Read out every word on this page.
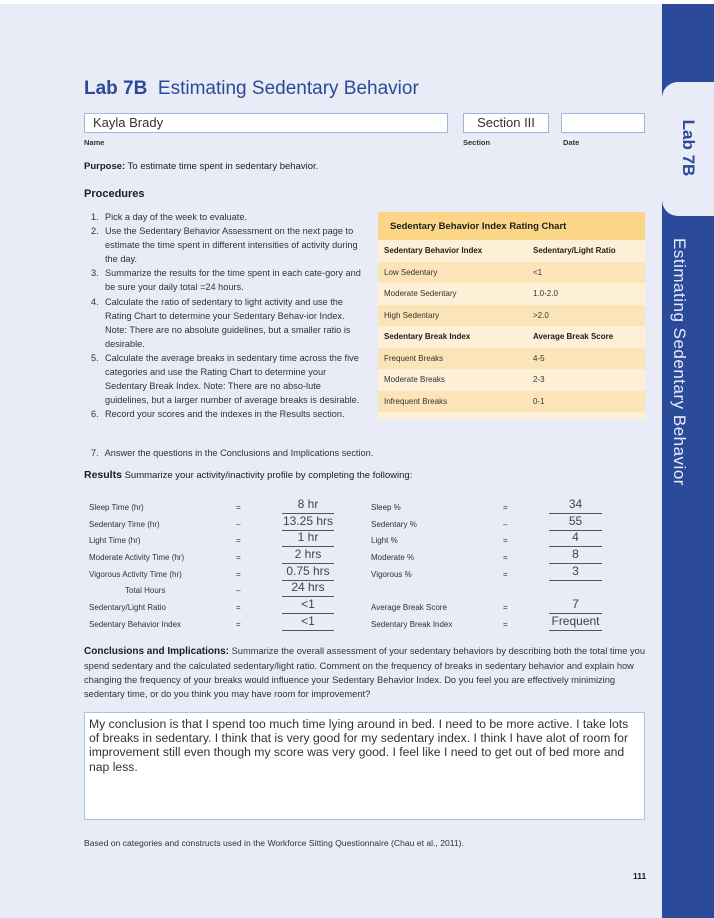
Lab 7B
Estimating Sedentary Behavior
Lab 7B Estimating Sedentary Behavior
Kayla Brady
Name
Section III
Section	Date
Purpose: To estimate time spent in sedentary behavior.
Procedures
1. Pick a day of the week to evaluate.
2. Use the Sedentary Behavior Assessment on the next page to estimate the time spent in different intensities of activity during the day.
3. Summarize the results for the time spent in each cate-gory and be sure your daily total =24 hours.
4. Calculate the ratio of sedentary to light activity and use the Rating Chart to determine your Sedentary Behav-ior Index. Note: There are no absolute guidelines, but a smaller ratio is desirable.
5. Calculate the average breaks in sedentary time across the five categories and use the Rating Chart to determine your Sedentary Break Index. Note: There are no abso-lute guidelines, but a larger number of average breaks is desirable.
6. Record your scores and the indexes in the Results section.
7. Answer the questions in the Conclusions and Implications section.
Sedentary Behavior Index Rating Chart
Sedentary Behavior Index	Sedentary/Light Ratio
Low Sedentary	<1
Moderate Sedentary	1.0-2.0
High Sedentary	>2.0
Sedentary Break Index	Average Break Score
Frequent Breaks	4-5
Moderate Breaks	2-3
Infrequent Breaks	0-1
Results Summarize your activity/inactivity profile by completing the following:
Sleep Time (hr)	=	8 hr	Sleep %	=	34
Sedentary Time (hr)	–	13.25 hrs	Sedentary %	–	55
Light Time (hr)	=	1 hr	Light %	=	4
Moderate Activity Time (hr)	=	2 hrs	Moderate %	=	8
Vigorous Activity Time (hr)	=	0.75 hrs	Vigorous %	=	3
Total Hours	–	24 hrs
Sedentary/Light Ratio	=	<1	Average Break Score	=	7
Sedentary Behavior Index	=	<1	Sedentary Break Index	=	Frequent
Conclusions and Implications: Summarize the overall assessment of your sedentary behaviors by describing both the total time you spend sedentary and the calculated sedentary/light ratio. Comment on the frequency of breaks in sedentary behavior and explain how changing the frequency of your breaks would influence your Sedentary Behavior Index. Do you feel you are effectively minimizing sedentary time, or do you think you may have room for improvement?
My conclusion is that I spend too much time lying around in bed. I need to be more active. I take lots of breaks in sedentary. I think that is very good for my sedentary index. I think I have alot of room for improvement still even though my score was very good. I feel like I need to get out of bed more and nap less.
Based on categories and constructs used in the Workforce Sitting Questionnaire (Chau et al., 2011).
111
